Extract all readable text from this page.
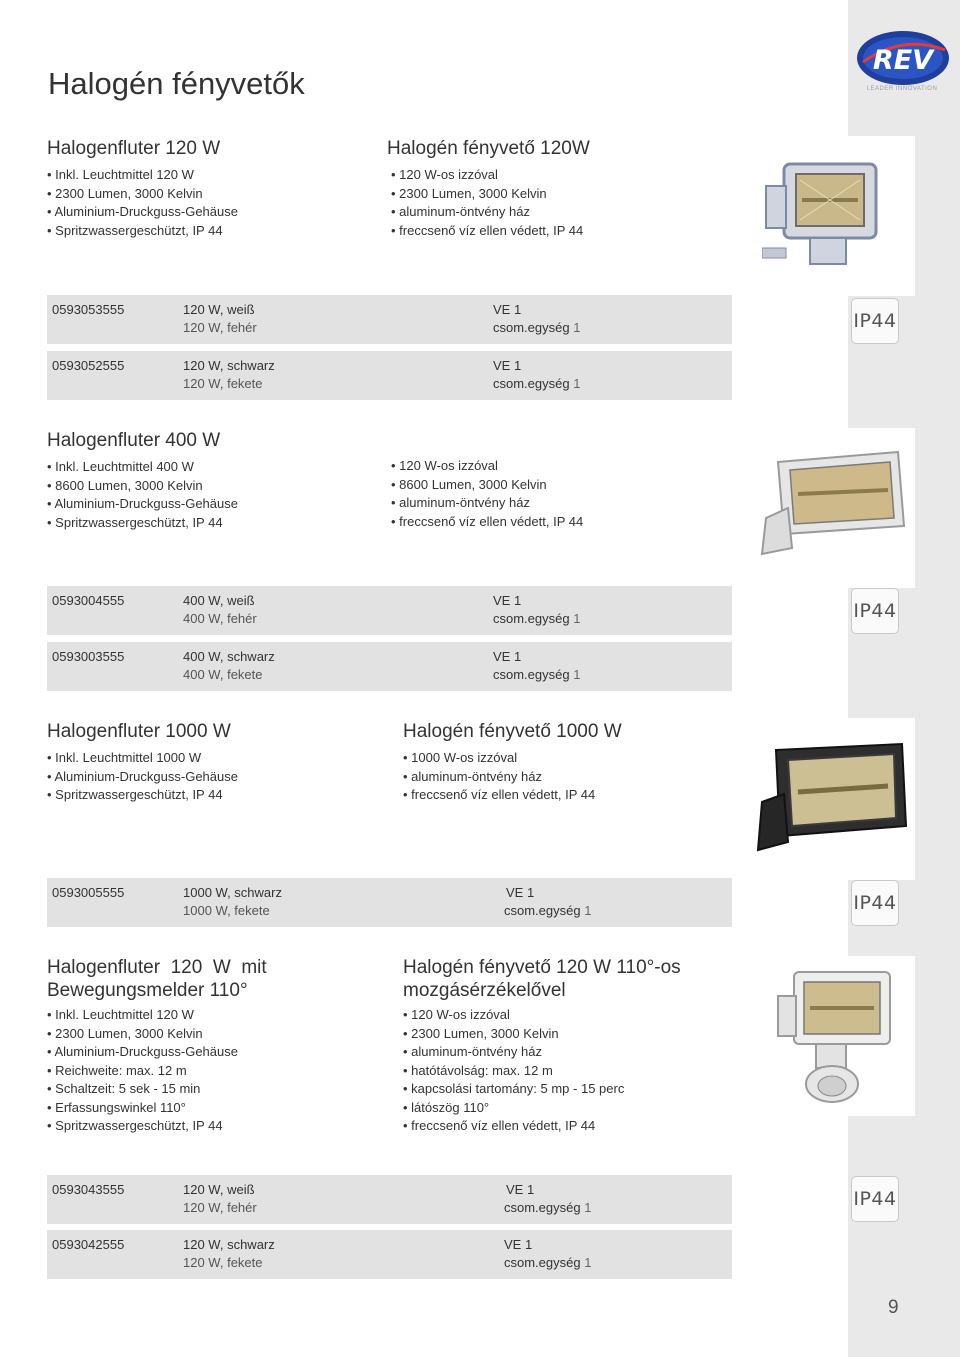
REV
LEADER INNOVATION
Halogén fényvetők
Halogenfluter 120 W	Halogén fényvető 120W
• Inkl. Leuchtmittel 120 W
• 2300 Lumen, 3000 Kelvin
• Aluminium-Druckguss-Gehäuse
• Spritzwassergeschützt, IP 44
• 120 W-os izzóval
• 2300 Lumen, 3000 Kelvin
• aluminum-öntvény ház
• freccsenő víz ellen védett, IP 44
0593053555	120 W, weiß
120 W, fehér
VE 1
csom.egység 1
0593052555	120 W, schwarz
120 W, fekete
VE 1
csom.egység 1
IP44
Halogenfluter 400 W
• Inkl. Leuchtmittel 400 W
• 8600 Lumen, 3000 Kelvin
• Aluminium-Druckguss-Gehäuse
• Spritzwassergeschützt, IP 44
• 120 W-os izzóval
• 8600 Lumen, 3000 Kelvin
• aluminum-öntvény ház
• freccsenő víz ellen védett, IP 44
0593004555	400 W, weiß
400 W, fehér
VE 1
csom.egység 1
0593003555	400 W, schwarz
400 W, fekete
VE 1
csom.egység 1
IP44
Halogenfluter 1000 W	Halogén fényvető 1000 W
• Inkl. Leuchtmittel 1000 W
• Aluminium-Druckguss-Gehäuse
• Spritzwassergeschützt, IP 44
• 1000 W-os izzóval
• aluminum-öntvény ház
• freccsenő víz ellen védett, IP 44
0593005555	1000 W, schwarz
1000 W, fekete
VE 1
csom.egység 1	IP44
Halogenfluter  120  W  mit
Bewegungsmelder 110°
Halogén fényvető 120 W 110°-os
mozgásérzékelővel
• Inkl. Leuchtmittel 120 W
• 2300 Lumen, 3000 Kelvin
• Aluminium-Druckguss-Gehäuse
• Reichweite: max. 12 m
• Schaltzeit: 5 sek - 15 min
• Erfassungswinkel 110°
• Spritzwassergeschützt, IP 44
• 120 W-os izzóval
• 2300 Lumen, 3000 Kelvin
• aluminum-öntvény ház
• hatótávolság: max. 12 m
• kapcsolási tartomány: 5 mp - 15 perc
• látószög 110°
• freccsenő víz ellen védett, IP 44
0593043555	120 W, weiß
120 W, fehér
VE 1
csom.egység 1
0593042555	120 W, schwarz
120 W, fekete
VE 1
csom.egység 1
IP44
9
